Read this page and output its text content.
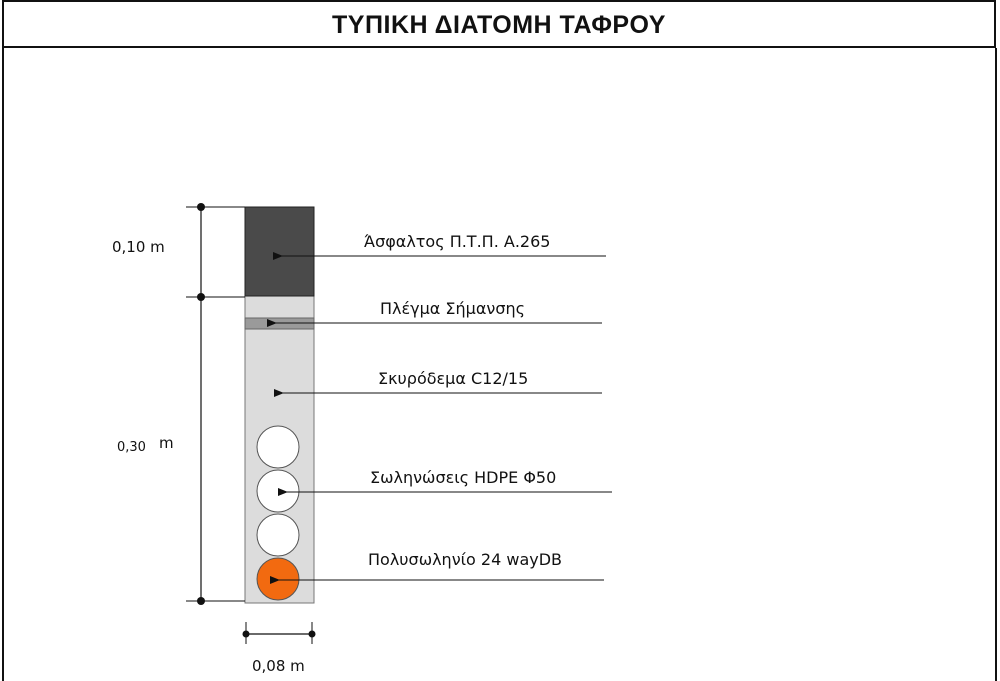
ΤΥΠΙΚΗ ΔΙΑΤΟΜΗ ΤΑΦΡΟΥ
0,10 m
0,30 m
0,08 m
Άσφαλτος Π.Τ.Π. Α.265
Πλέγμα Σήμανσης
Σκυρόδεμα C12/15
Σωληνώσεις HDPE Φ50
Πολυσωληνίο 24 wayDB
